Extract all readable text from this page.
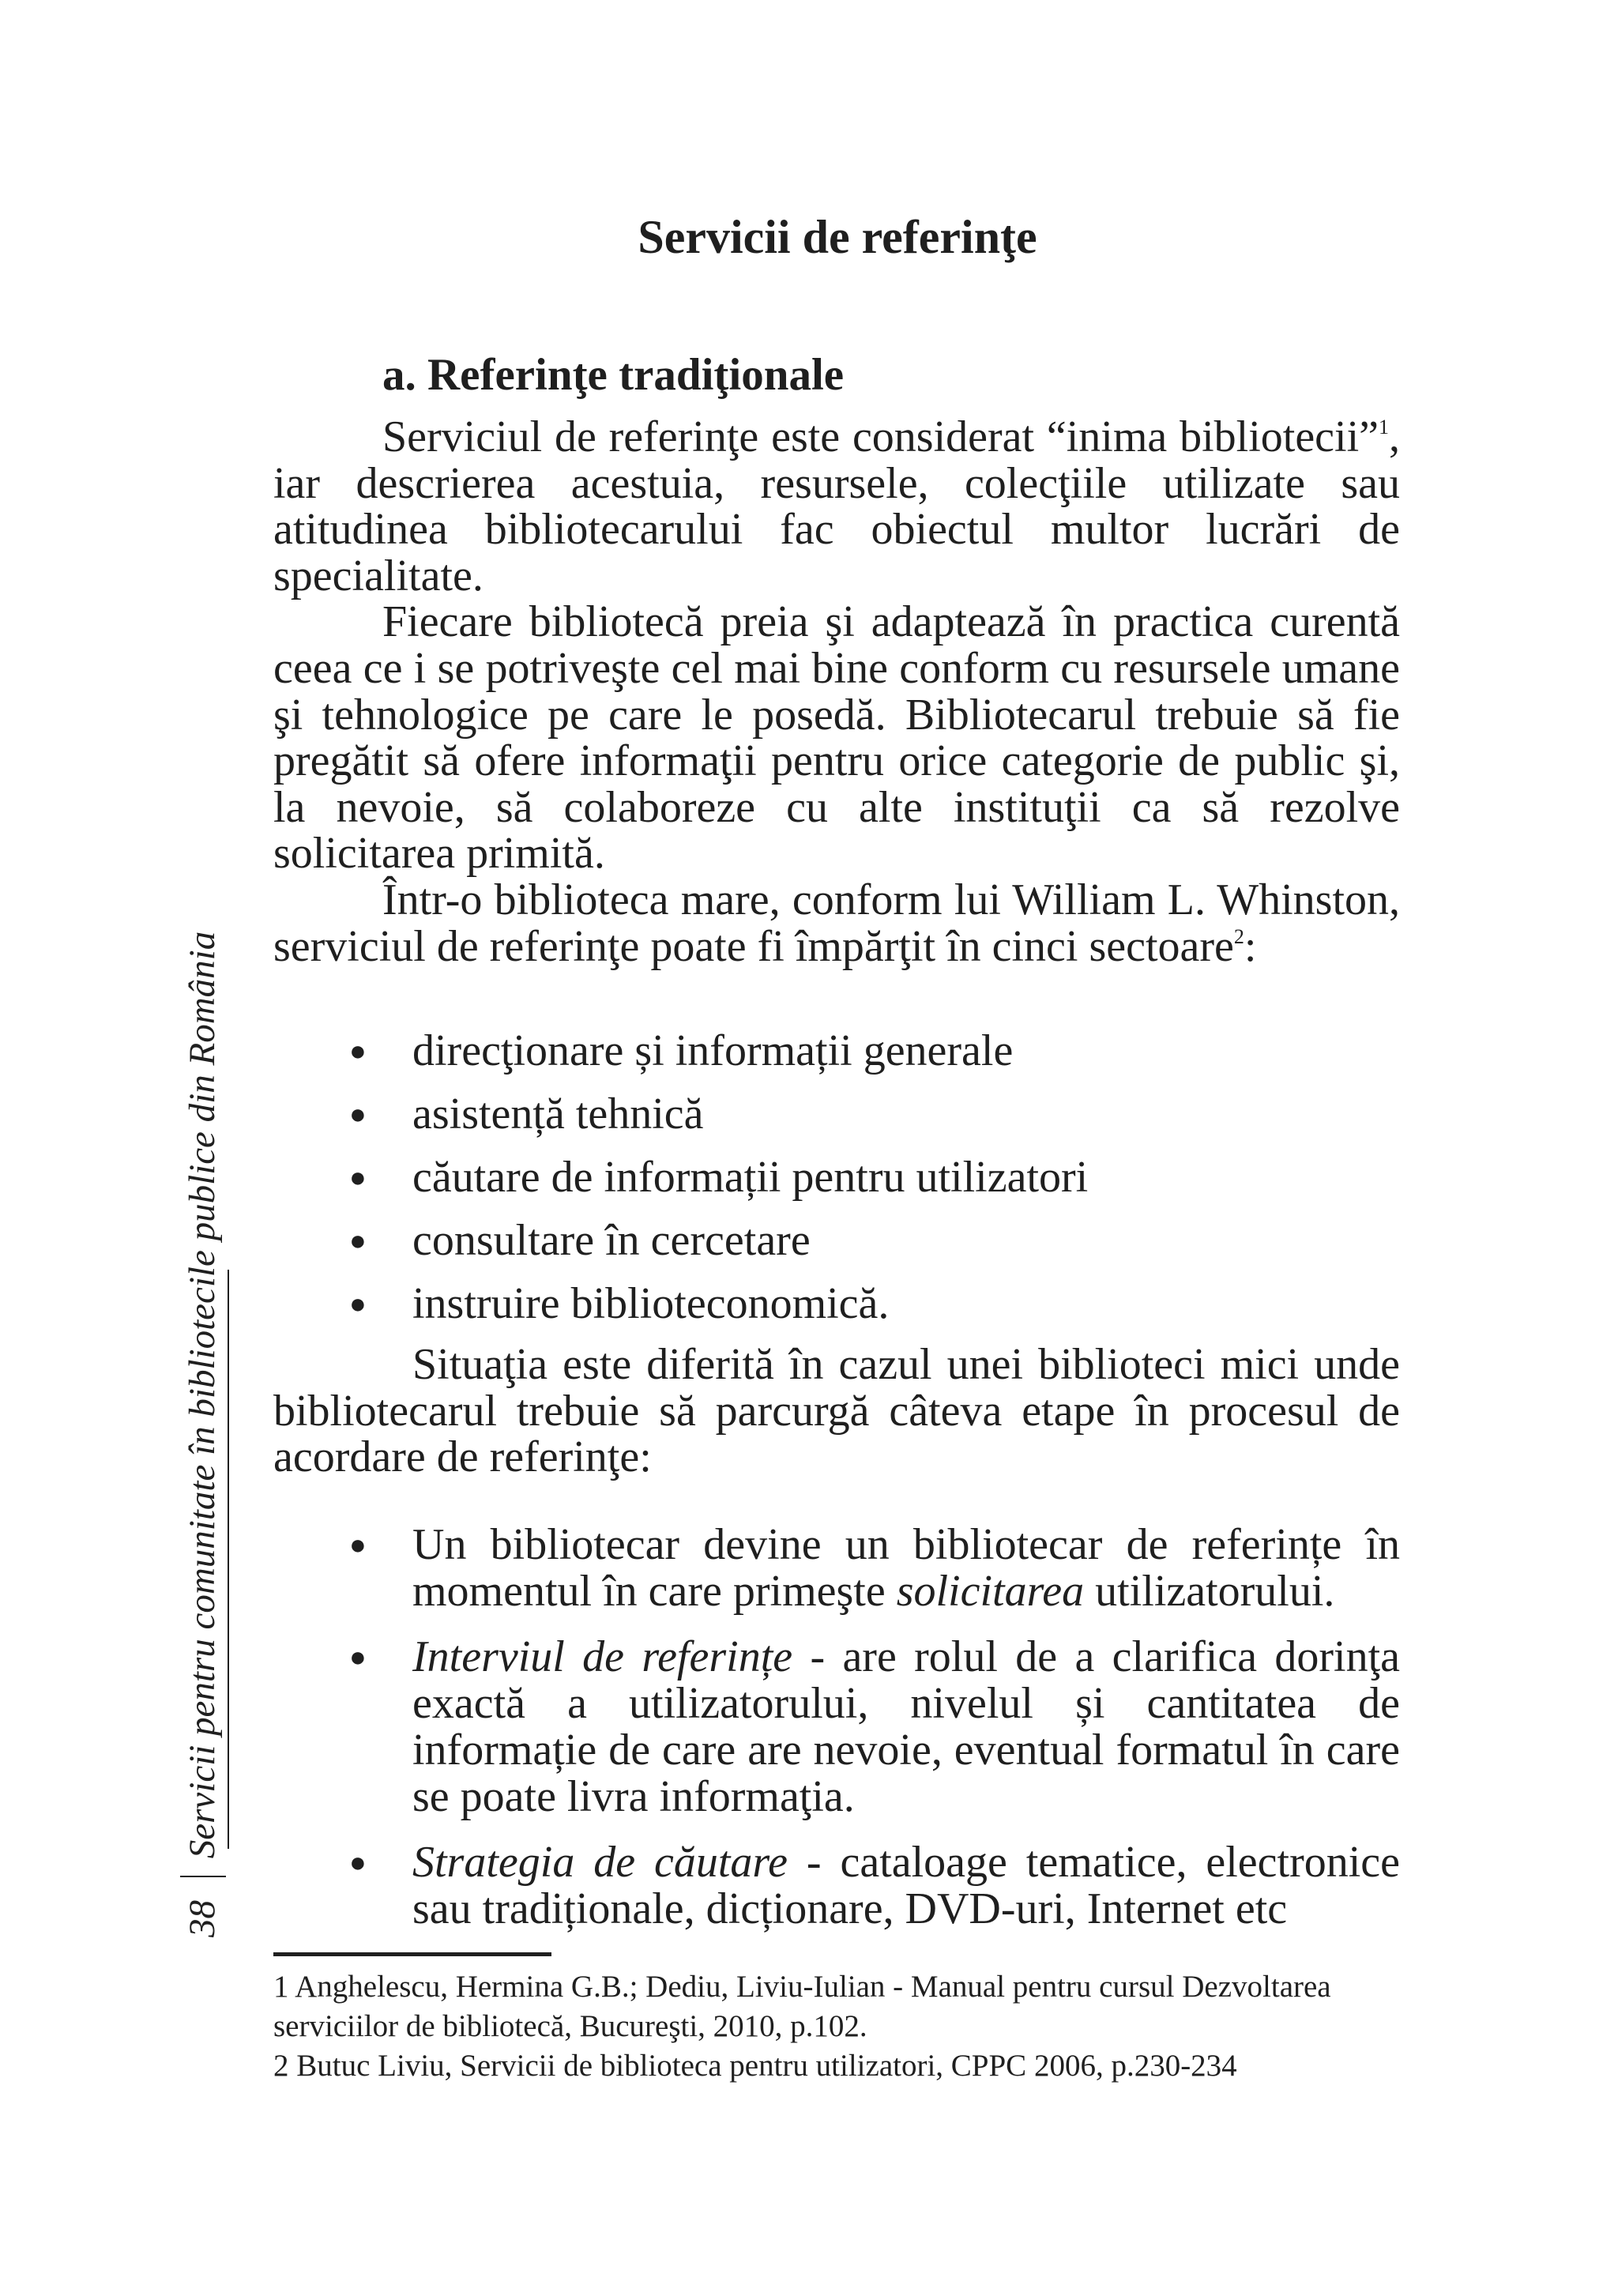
Servicii de referinţe
a. Referinţe tradiţionale

Serviciul de referinţe este considerat “inima bibliotecii”$^1$, iar descrierea acestuia, resursele, colecţiile utilizate sau atitudinea bibliotecarului fac obiectul multor lucrări de specialitate.

Fiecare bibliotecă preia şi adaptează în practica curentă ceea ce i se potriveşte cel mai bine conform cu resursele umane şi tehnologice pe care le posedă. Bibliotecarul trebuie să fie pregătit să ofere informaţii pentru orice categorie de public şi, la nevoie, să colaboreze cu alte instituţii ca să rezolve solicitarea primită.

Într-o biblioteca mare, conform lui William L. Whinston, serviciul de referinţe poate fi împărţit în cinci sectoare$^2$:

● direcţionare și informații generale
● asistență tehnică
● căutare de informații pentru utilizatori
● consultare în cercetare
● instruire biblioteconomică.

Situaţia este diferită în cazul unei biblioteci mici unde bibliotecarul trebuie să parcurgă câteva etape în procesul de acordare de referinţe:

● Un bibliotecar devine un bibliotecar de referințe în momentul în care primeşte solicitarea utilizatorului.
● Interviul de referințe - are rolul de a clarifica dorinţa exactă a utilizatorului, nivelul și cantitatea de informație de care are nevoie, eventual formatul în care se poate livra informaţia.
● Strategia de căutare - cataloage tematice, electronice sau tradiționale, dicționare, DVD-uri, Internet etc

1 Anghelescu, Hermina G.B.; Dediu, Liviu-Iulian - Manual pentru cursul Dezvoltarea serviciilor de bibliotecă, Bucureşti, 2010, p.102.

2 Butuc Liviu, Servicii de biblioteca pentru utilizatori, CPPC 2006, p.230-234

38
Servicii pentru comunitate în bibliotecile publice din România
